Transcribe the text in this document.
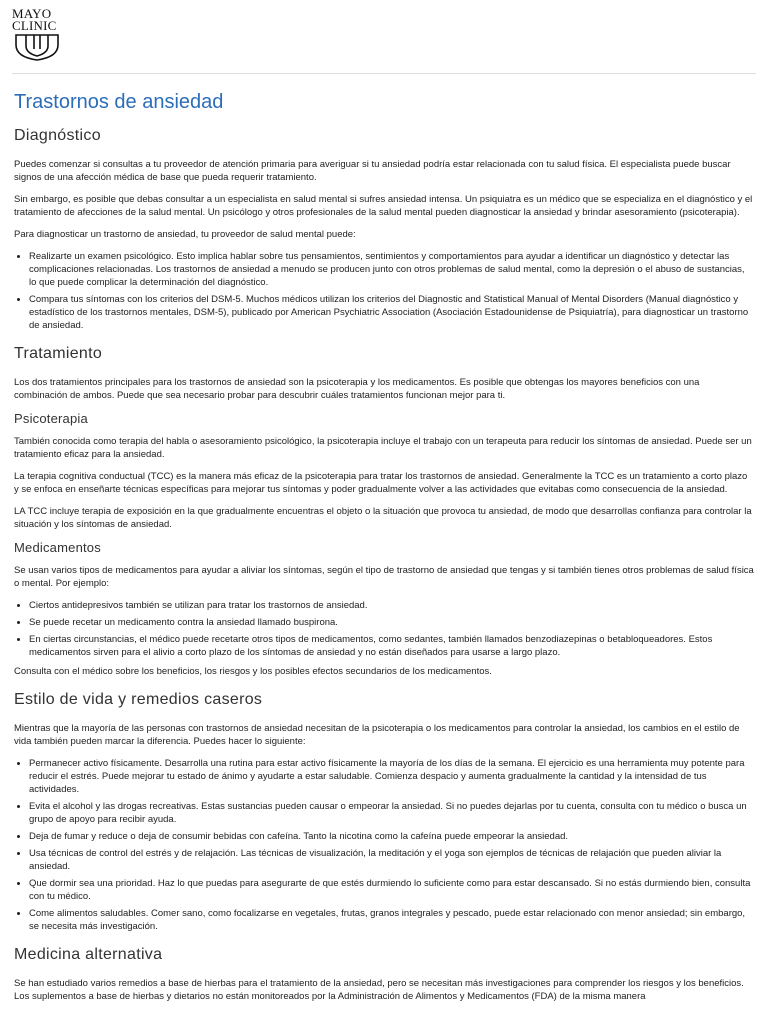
MAYO
CLINIC
Trastornos de ansiedad
Diagnóstico

Puedes comenzar si consultas a tu proveedor de atención primaria para averiguar si tu ansiedad podría estar relacionada con tu salud física. El especialista puede buscar signos de una afección médica de base que pueda requerir tratamiento.

Sin embargo, es posible que debas consultar a un especialista en salud mental si sufres ansiedad intensa. Un psiquiatra es un médico que se especializa en el diagnóstico y el tratamiento de afecciones de la salud mental. Un psicólogo y otros profesionales de la salud mental pueden diagnosticar la ansiedad y brindar asesoramiento (psicoterapia).

Para diagnosticar un trastorno de ansiedad, tu proveedor de salud mental puede:

• Realizarte un examen psicológico. Esto implica hablar sobre tus pensamientos, sentimientos y comportamientos para ayudar a identificar un diagnóstico y detectar las complicaciones relacionadas. Los trastornos de ansiedad a menudo se producen junto con otros problemas de salud mental, como la depresión o el abuso de sustancias, lo que puede complicar la determinación del diagnóstico.
• Compara tus síntomas con los criterios del DSM-5. Muchos médicos utilizan los criterios del Diagnostic and Statistical Manual of Mental Disorders (Manual diagnóstico y estadístico de los trastornos mentales, DSM-5), publicado por American Psychiatric Association (Asociación Estadounidense de Psiquiatría), para diagnosticar un trastorno de ansiedad.
Tratamiento

Los dos tratamientos principales para los trastornos de ansiedad son la psicoterapia y los medicamentos. Es posible que obtengas los mayores beneficios con una combinación de ambos. Puede que sea necesario probar para descubrir cuáles tratamientos funcionan mejor para ti.

Psicoterapia

También conocida como terapia del habla o asesoramiento psicológico, la psicoterapia incluye el trabajo con un terapeuta para reducir los síntomas de ansiedad. Puede ser un tratamiento eficaz para la ansiedad.

La terapia cognitiva conductual (TCC) es la manera más eficaz de la psicoterapia para tratar los trastornos de ansiedad. Generalmente la TCC es un tratamiento a corto plazo y se enfoca en enseñarte técnicas específicas para mejorar tus síntomas y poder gradualmente volver a las actividades que evitabas como consecuencia de la ansiedad.

LA TCC incluye terapia de exposición en la que gradualmente encuentras el objeto o la situación que provoca tu ansiedad, de modo que desarrollas confianza para controlar la situación y los síntomas de ansiedad.

Medicamentos

Se usan varios tipos de medicamentos para ayudar a aliviar los síntomas, según el tipo de trastorno de ansiedad que tengas y si también tienes otros problemas de salud física o mental. Por ejemplo:

• Ciertos antidepresivos también se utilizan para tratar los trastornos de ansiedad.
• Se puede recetar un medicamento contra la ansiedad llamado buspirona.
• En ciertas circunstancias, el médico puede recetarte otros tipos de medicamentos, como sedantes, también llamados benzodiazepinas o betabloqueadores. Estos medicamentos sirven para el alivio a corto plazo de los síntomas de ansiedad y no están diseñados para usarse a largo plazo.

Consulta con el médico sobre los beneficios, los riesgos y los posibles efectos secundarios de los medicamentos.

Estilo de vida y remedios caseros

Mientras que la mayoría de las personas con trastornos de ansiedad necesitan de la psicoterapia o los medicamentos para controlar la ansiedad, los cambios en el estilo de vida también pueden marcar la diferencia. Puedes hacer lo siguiente:

• Permanecer activo físicamente. Desarrolla una rutina para estar activo físicamente la mayoría de los días de la semana. El ejercicio es una herramienta muy potente para reducir el estrés. Puede mejorar tu estado de ánimo y ayudarte a estar saludable. Comienza despacio y aumenta gradualmente la cantidad y la intensidad de tus actividades.
• Evita el alcohol y las drogas recreativas. Estas sustancias pueden causar o empeorar la ansiedad. Si no puedes dejarlas por tu cuenta, consulta con tu médico o busca un grupo de apoyo para recibir ayuda.
• Deja de fumar y reduce o deja de consumir bebidas con cafeína. Tanto la nicotina como la cafeína puede empeorar la ansiedad.
• Usa técnicas de control del estrés y de relajación. Las técnicas de visualización, la meditación y el yoga son ejemplos de técnicas de relajación que pueden aliviar la ansiedad.
• Que dormir sea una prioridad. Haz lo que puedas para asegurarte de que estés durmiendo lo suficiente como para estar descansado. Si no estás durmiendo bien, consulta con tu médico.
• Come alimentos saludables. Comer sano, como focalizarse en vegetales, frutas, granos integrales y pescado, puede estar relacionado con menor ansiedad; sin embargo, se necesita más investigación.
Medicina alternativa

Se han estudiado varios remedios a base de hierbas para el tratamiento de la ansiedad, pero se necesitan más investigaciones para comprender los riesgos y los beneficios. Los suplementos a base de hierbas y dietarios no están monitoreados por la Administración de Alimentos y Medicamentos (FDA) de la misma manera
